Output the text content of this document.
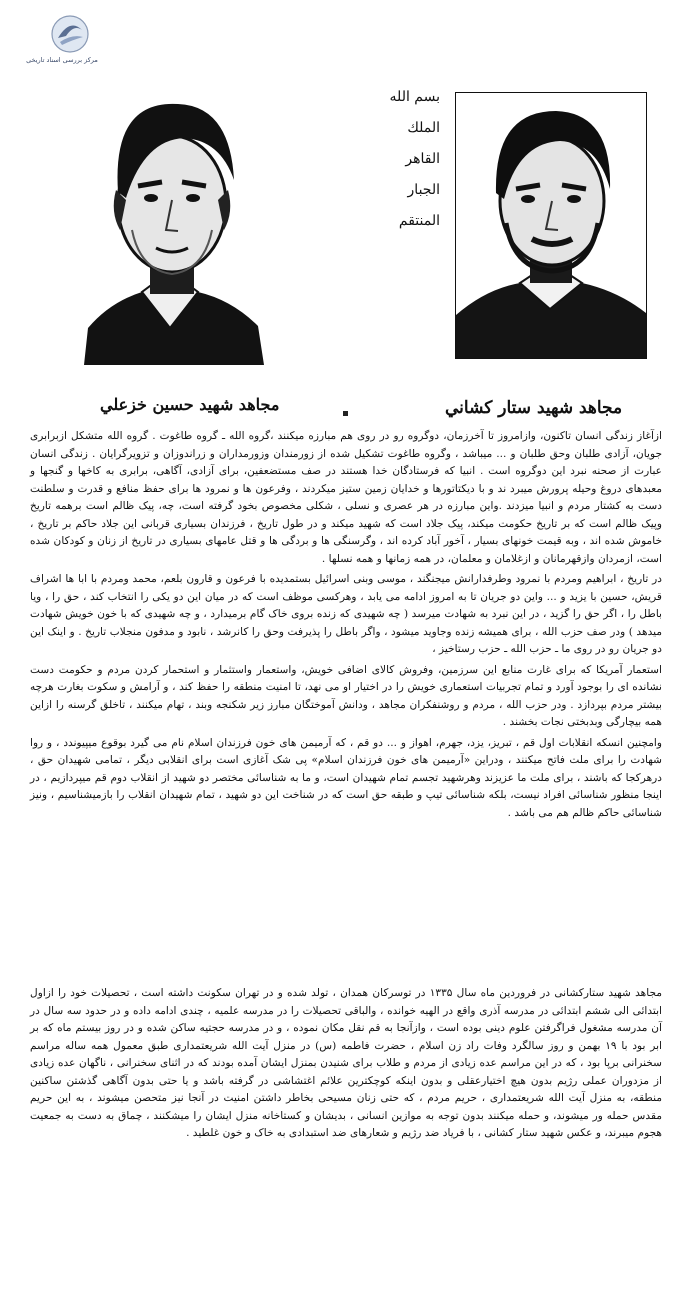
مرکز بررسی اسناد تاریخی
بسم الله
الملك
القاهر
الجبار
المنتقم
مجاهد شهيد حسين خزعلي	مجاهد شهيد ستار كشاني

ازآغاز زندگی انسان تاکنون، وازامروز تا آخرزمان، دوگروه رو در روی هم مبارزه میکنند ،گروه الله ـ گروه طاغوت . گروه الله متشکل ازبرابری جویان، آزادی طلبان وحق طلبان و ... میباشد ، وگروه طاغوت تشکیل شده از زورمندان وزورمداران و زراندوزان و تزویرگرایان . زندگی انسان عبارت از صحنه نبرد این دوگروه است . انبیا که فرستادگان خدا هستند در صف مستضعفین، برای آزادی، آگاهی، برابری به کاخها و گنجها و معبدهای دروغ وحیله پرورش میبرد ند و با دیکتاتورها و خدایان زمین ستیز میکردند ، وفرعون ها و نمرود ها برای حفظ منافع و قدرت و سلطنت دست به کشتار مردم و انبیا میزدند .واین مبارزه در هر عصری و نسلی ، شکلی مخصوص بخود گرفته است، چه، پیک ظالم است برهمه تاریخ وپیک ظالم است که بر تاریخ حکومت میکند، پیک جلاد است که شهید میکند و در طول تاریخ ، فرزندان بسیاری قربانی این جلاد حاکم بر تاریخ ، خاموش شده اند ، وبه قیمت خونهای بسیار ، آخور آباد کرده اند ، وگرسنگی ها و بردگی ها و قتل عامهای بسیاری در تاریخ از زنان و کودکان شده است، ازمردان وازقهرمانان و ازغلامان و معلمان، در همه زمانها و همه نسلها .

در تاریخ ، ابراهیم ومردم با نمرود وطرفدارانش میجنگند ، موسی وبنی اسرائیل بستمدیده با فرعون و قارون بلعم، محمد ومردم با ابا ها اشراف قریش، حسین با یزید و ... واین دو جریان تا به امروز ادامه می یابد ، وهرکسی موظف است که در میان این دو یکی را انتخاب کند ، حق را ، ویا باطل را ، اگر حق را گزید ، در این نبرد به شهادت میرسد ( چه شهیدی که زنده بروی خاک گام برمیدارد ، و چه شهیدی که با خون خویش شهادت میدهد ) ودر صف حزب الله ، برای همیشه زنده وجاوید میشود ، واگر باطل را پذیرفت وحق را کانرشد ، نابود و مدفون منجلاب تاریخ . و اینک این دو جریان رو در روی ما ـ حزب الله ـ حزب رستاخیز ،

استعمار آمریکا که برای غارت منابع این سرزمین، وفروش کالای اضافی خویش، واستعمار واستثمار و استحمار کردن مردم و حکومت دست نشانده ای را بوجود آورد و تمام تجربیات استعماری خویش را در اختیار او می نهد، تا امنیت منطقه را حفظ کند ، و آرامش و سکوت بغارت هرچه بیشتر مردم بپردازد . ودر حزب الله ، مردم و روشنفکران مجاهد ، ودانش آموختگان مبارز زیر شکنجه وبند ، تهام میکنند ، تاخلق گرسنه را ازاین همه بیچارگی وبدبختی نجات بخشند .

وامچنین انسکه انقلابات اول قم ، تبریز، یزد، جهرم، اهواز و ... دو قم ، که آرمیمن های خون فرزندان اسلام نام می گیرد بوقوع میپیوندد ، و روا شهادت را برای ملت فاتح میکنند ، ودراین «آرمیمن های خون فرزندان اسلام» پی شک آغازی است برای انقلابی دیگر ، تمامی شهیدان حق ، درهرکجا که باشند ، برای ملت ما عزیزند وهرشهید تجسم تمام شهیدان است، و ما به شناسائی مختصر دو شهید از انقلاب دوم قم میپردازیم ، در اینجا منظور شناسائی افراد نیست، بلکه شناسائی تیپ و طبقه حق است که در شناخت این دو شهید ، تمام شهیدان انقلاب را بازمیشناسیم ، ونیز شناسائی حاکم ظالم هم می باشد .

مجاهد شهید ستارکشانی در فروردین ماه سال ۱۳۳۵ در توسرکان همدان ، تولد شده و در تهران سکونت داشته است ، تحصیلات خود را ازاول ابتدائی الی ششم ابتدائی در مدرسه آذری واقع در الهیه خوانده ، والباقی تحصیلات را در مدرسه علمیه ، چندی ادامه داده و در حدود سه سال در آن مدرسه مشغول فراگرفتن علوم دینی بوده است ، وازآنجا به قم نقل مکان نموده ، و در مدرسه حجتیه ساکن شده و در روز بیستم ماه که بر ابر بود با ۱۹ بهمن و روز سالگرد وفات راد زن اسلام ، حضرت فاطمه (س) در منزل آیت الله شریعتمداری طبق معمول همه ساله مراسم سخنرانی برپا بود ، که در این مراسم عده زیادی از مردم و طلاب برای شنیدن بمنزل ایشان آمده بودند که در اثنای سخنرانی ، ناگهان عده زیادی از مزدوران عملی رژیم بدون هیچ اختیارعقلی و بدون اینکه کوچکترین علائم اغتشاشی در گرفته باشد و یا حتی بدون آگاهی گذشتن ساکنین منطقه، به منزل آیت الله شریعتمداری ، حریم مردم ، که حتی زنان مسیحی بخاطر داشتن امنیت در آنجا نیز متحصن میشوند ، به این حریم مقدس حمله ور میشوند، و حمله میکنند بدون توجه به موازین انسانی ، بدیشان و کستاخانه منزل ایشان را میشکنند ، چماق به دست به جمعیت هجوم میبرند، و عکس شهید ستار کشانی ، با فریاد ضد رژیم و شعارهای ضد استبدادی به خاک و خون غلطید .
